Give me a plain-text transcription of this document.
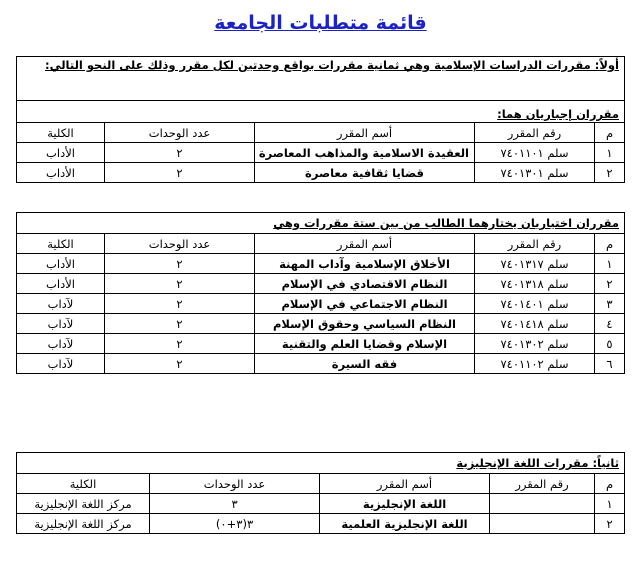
قائمة متطلبات الجامعة
أولاً: مقررات الدراسات الإسلامية وهي ثمانية مقررات بواقع وحدتين لكل مقرر وذلك على النحو التالي:				
مقرران إجباريان هما:				
م	رقم المقرر	أسم المقرر	عدد الوحدات	الكلية
١	سلم ٧٤٠١١٠١	العقيدة الاسلامية والمذاهب المعاصرة	٢	الأداب
٢	سلم ٧٤٠١٣٠١	قضايا ثقافية معاصرة	٢	الأداب
مقرران اختياريان يختارهما الطالب من بين ستة مقررات وهي				
م	رقم المقرر	أسم المقرر	عدد الوحدات	الكلية
١	سلم ٧٤٠١٣١٧	الأخلاق الإسلامية وآداب المهنة	٢	الأداب
٢	سلم ٧٤٠١٣١٨	النظام الاقتصادي في الإسلام	٢	الأداب
٣	سلم ٧٤٠١٤٠١	النظام الاجتماعي في الإسلام	٢	لآداب
٤	سلم ٧٤٠١٤١٨	النظام السياسي وحقوق الإسلام	٢	لآداب
٥	سلم ٧٤٠١٣٠٢	الإسلام وقضايا العلم والتقنية	٢	لآداب
٦	سلم ٧٤٠١١٠٢	فقه السيرة	٢	لآداب
ثانياً: مقررات اللغة الإنجليزية				
م	رقم المقرر	أسم المقرر	عدد الوحدات	الكلية
١		اللغة الإنجليزية	٣	مركز اللغة الإنجليزية
٢		اللغة الإنجليزية العلمية	٣(٣+٠)	مركز اللغة الإنجليزية
